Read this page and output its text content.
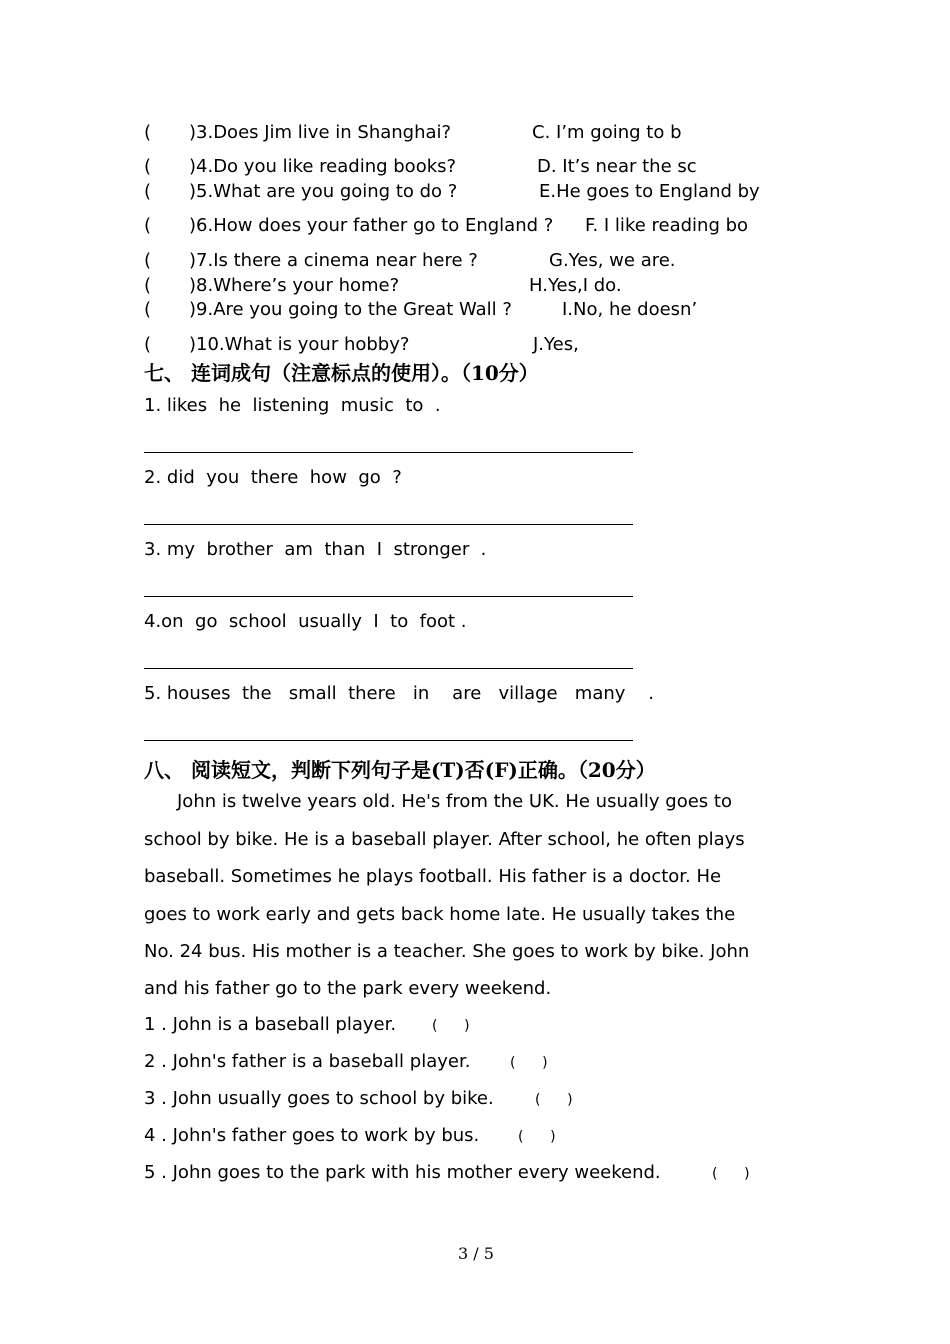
( )3.Does Jim live in Shanghai?	C. I’m going to b
( )4.Do you like reading books?	D. It’s near the sc
( )5.What are you going to do ?	E.He goes to England by
( )6.How does your father go to England ? F. I like reading bo
( )7.Is there a cinema near here ?	G.Yes, we are.
( )8.Where’s your home?	H.Yes,I do.
( )9.Are you going to the Great Wall ?	I.No, he doesn’
( )10.What is your hobby?	J.Yes,
七、 连词成句（注意标点的使用）。（10分）
1. likes  he  listening  music  to  .
2. did  you  there  how  go  ?
3. my  brother  am  than  I  stronger  .
4.on  go  school  usually  I  to  foot .
5. houses  the   small  there   in    are   village   many    .
八、 阅读短文，判断下列句子是(T)否(F)正确。（20分）
John is twelve years old. He's from the UK. He usually goes to
school by bike. He is a baseball player. After school, he often plays
baseball. Sometimes he plays football. His father is a doctor. He
goes to work early and gets back home late. He usually takes the
No. 24 bus. His mother is a teacher. She goes to work by bike. John
and his father go to the park every weekend.
1 . John is a baseball player.	(      )
2 . John's father is a baseball player.	(      )
3 . John usually goes to school by bike.	(      )
4 . John's father goes to work by bus.	(      )
5 . John goes to the park with his mother every weekend.	(      )
3 / 5
